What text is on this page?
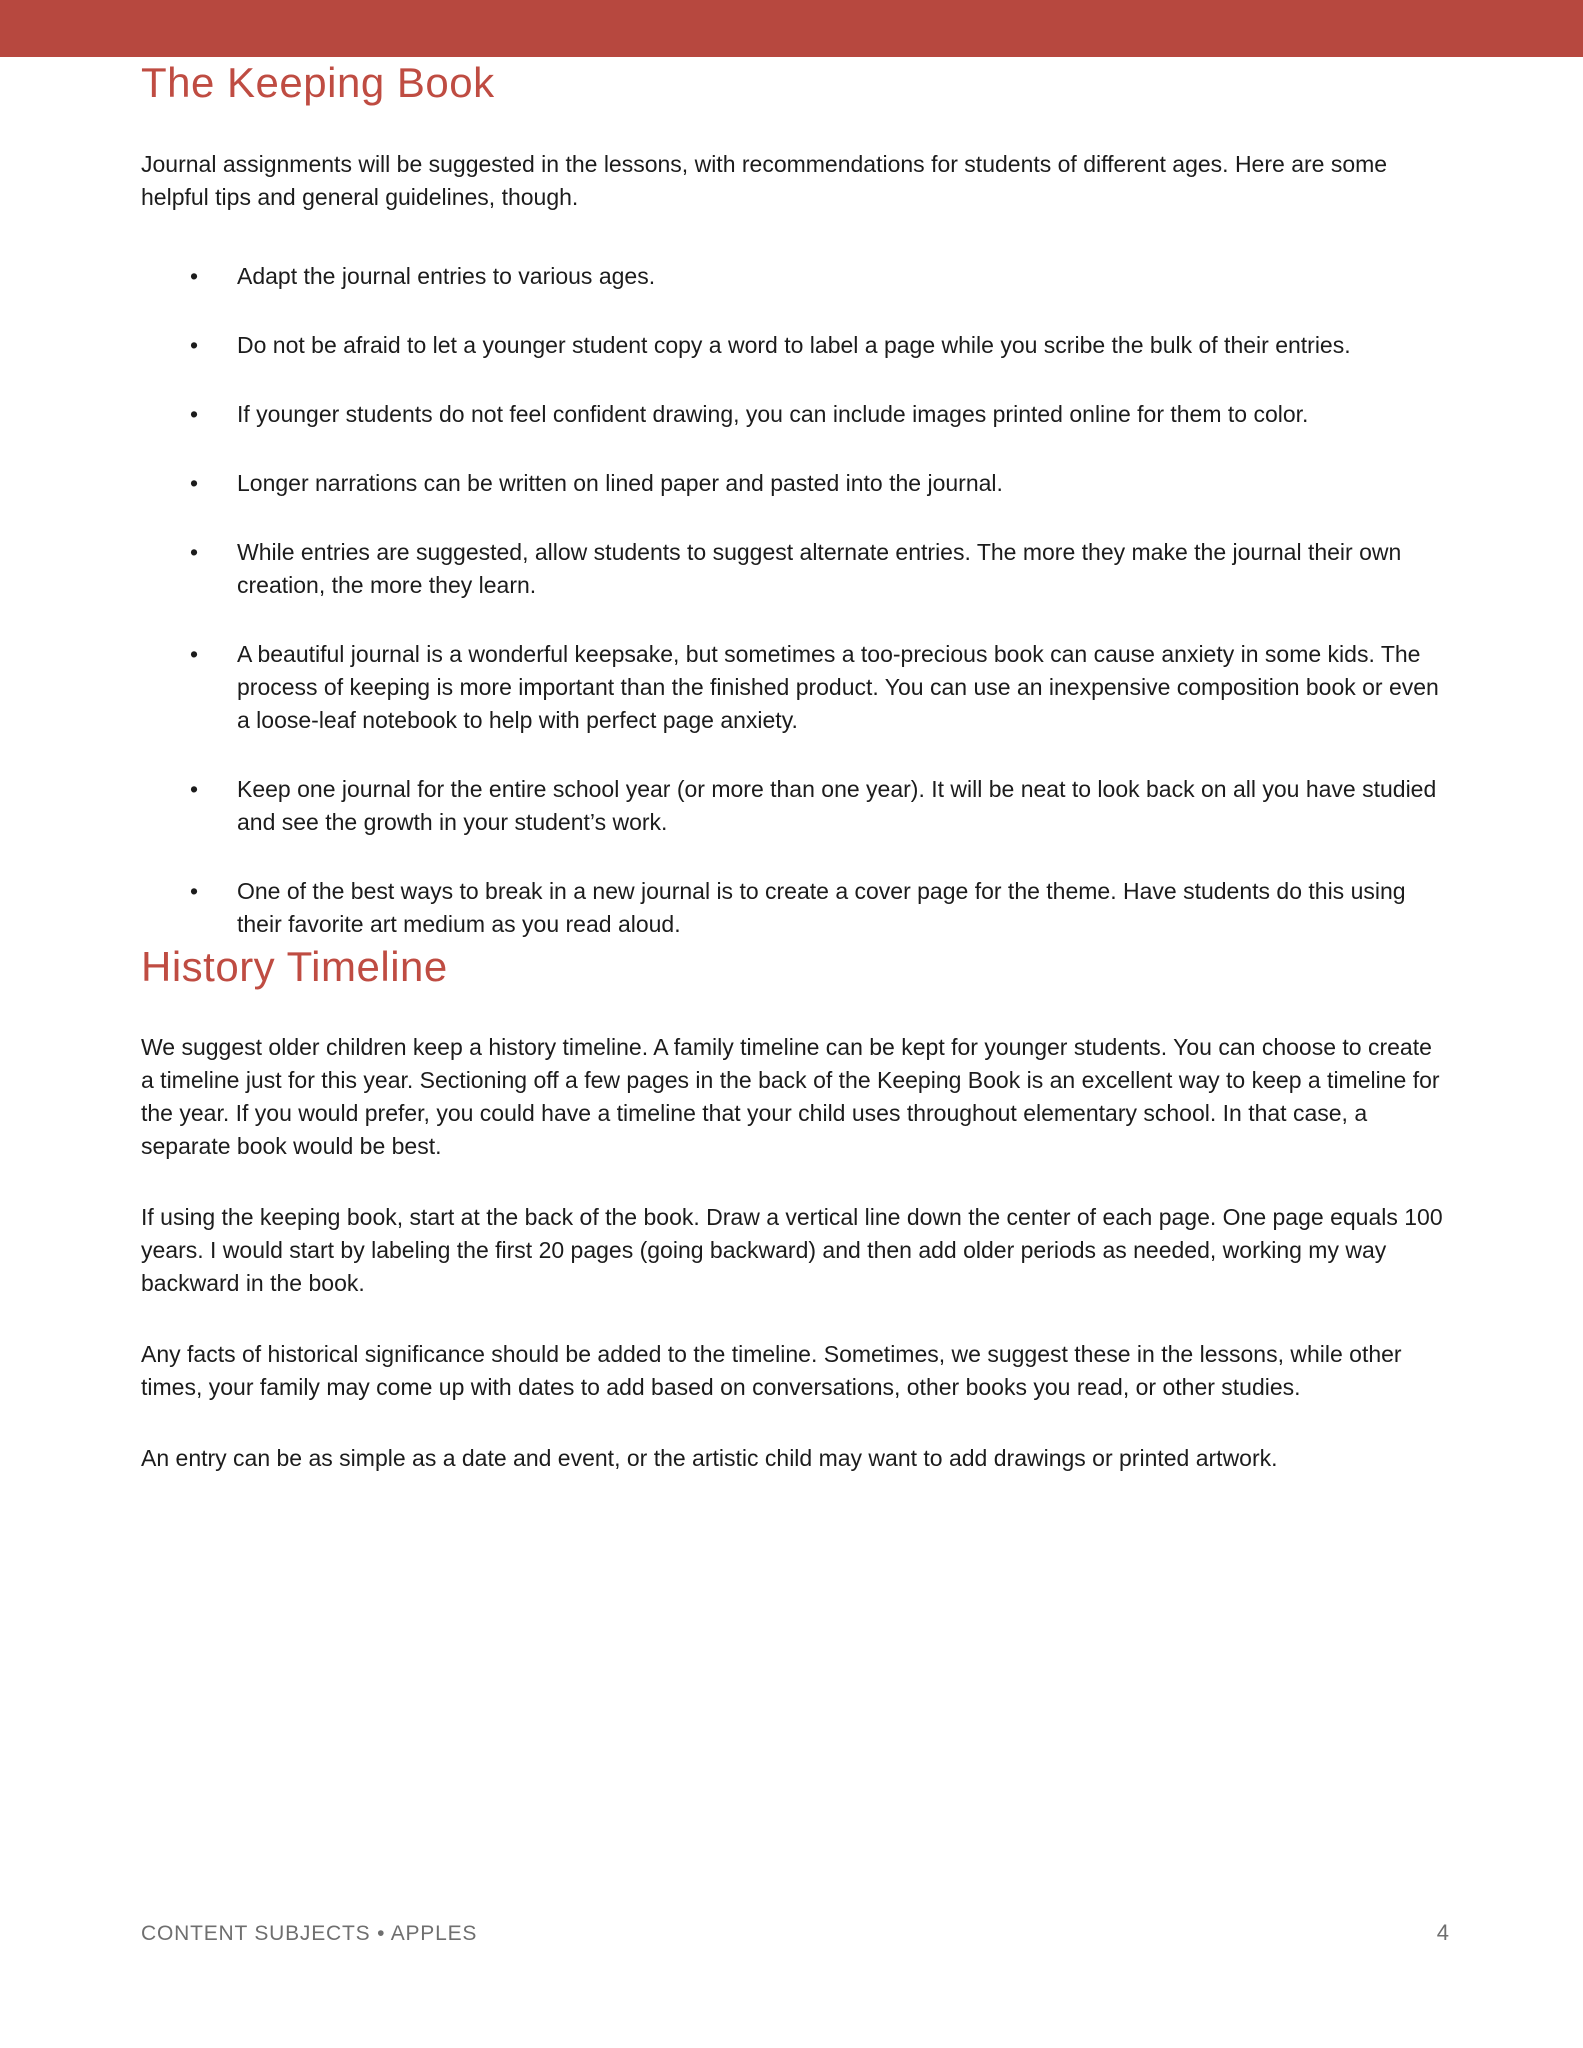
The Keeping Book

Journal assignments will be suggested in the lessons, with recommendations for students of different ages. Here are some helpful tips and general guidelines, though.

• Adapt the journal entries to various ages.
• Do not be afraid to let a younger student copy a word to label a page while you scribe the bulk of their entries.
• If younger students do not feel confident drawing, you can include images printed online for them to color.
• Longer narrations can be written on lined paper and pasted into the journal.
• While entries are suggested, allow students to suggest alternate entries. The more they make the journal their own creation, the more they learn.
• A beautiful journal is a wonderful keepsake, but sometimes a too-precious book can cause anxiety in some kids. The process of keeping is more important than the finished product. You can use an inexpensive composition book or even a loose-leaf notebook to help with perfect page anxiety.
• Keep one journal for the entire school year (or more than one year). It will be neat to look back on all you have studied and see the growth in your student’s work.
• One of the best ways to break in a new journal is to create a cover page for the theme. Have students do this using their favorite art medium as you read aloud.
History Timeline

We suggest older children keep a history timeline. A family timeline can be kept for younger students. You can choose to create a timeline just for this year. Sectioning off a few pages in the back of the Keeping Book is an excellent way to keep a timeline for the year. If you would prefer, you could have a timeline that your child uses throughout elementary school. In that case, a separate book would be best.

If using the keeping book, start at the back of the book. Draw a vertical line down the center of each page. One page equals 100 years. I would start by labeling the first 20 pages (going backward) and then add older periods as needed, working my way backward in the book.

Any facts of historical significance should be added to the timeline. Sometimes, we suggest these in the lessons, while other times, your family may come up with dates to add based on conversations, other books you read, or other studies.

An entry can be as simple as a date and event, or the artistic child may want to add drawings or printed artwork.

CONTENT SUBJECTS • APPLES	4
